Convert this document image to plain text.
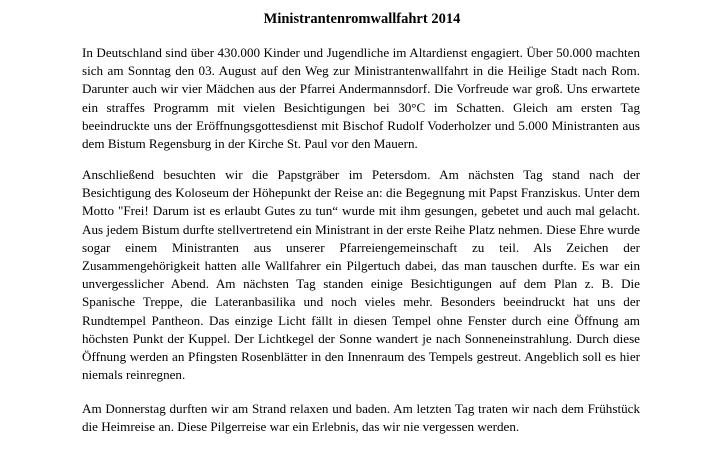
Ministrantenromwallfahrt 2014

In Deutschland sind über 430.000 Kinder und Jugendliche im Altardienst engagiert. Über 50.000 machten
sich am Sonntag den 03. August auf den Weg zur Ministrantenwallfahrt in die Heilige Stadt nach Rom.
Darunter auch wir vier Mädchen aus der Pfarrei Andermannsdorf. Die Vorfreude war groß. Uns erwartete
ein straffes Programm mit vielen Besichtigungen bei 30°C im Schatten. Gleich am ersten Tag
beeindruckte uns der Eröffnungsgottesdienst mit Bischof Rudolf Voderholzer und 5.000 Ministranten aus
dem Bistum Regensburg in der Kirche St. Paul vor den Mauern.

Anschließend besuchten wir die Papstgräber im Petersdom. Am nächsten Tag stand nach der
Besichtigung des Koloseum der Höhepunkt der Reise an: die Begegnung mit Papst Franziskus. Unter dem
Motto "Frei! Darum ist es erlaubt Gutes zu tun“ wurde mit ihm gesungen, gebetet und auch mal gelacht.
Aus jedem Bistum durfte stellvertretend ein Ministrant in der erste Reihe Platz nehmen. Diese Ehre wurde
sogar einem Ministranten aus unserer Pfarreiengemeinschaft zu teil. Als Zeichen der
Zusammengehörigkeit hatten alle Wallfahrer ein Pilgertuch dabei, das man tauschen durfte. Es war ein
unvergesslicher Abend. Am nächsten Tag standen einige Besichtigungen auf dem Plan z. B. Die
Spanische Treppe, die Lateranbasilika und noch vieles mehr. Besonders beeindruckt hat uns der
Rundtempel Pantheon. Das einzige Licht fällt in diesen Tempel ohne Fenster durch eine Öffnung am
höchsten Punkt der Kuppel. Der Lichtkegel der Sonne wandert je nach Sonneneinstrahlung. Durch diese
Öffnung werden an Pfingsten Rosenblätter in den Innenraum des Tempels gestreut. Angeblich soll es hier
niemals reinregnen.

Am Donnerstag durften wir am Strand relaxen und baden. Am letzten Tag traten wir nach dem Frühstück
die Heimreise an. Diese Pilgerreise war ein Erlebnis, das wir nie vergessen werden.
